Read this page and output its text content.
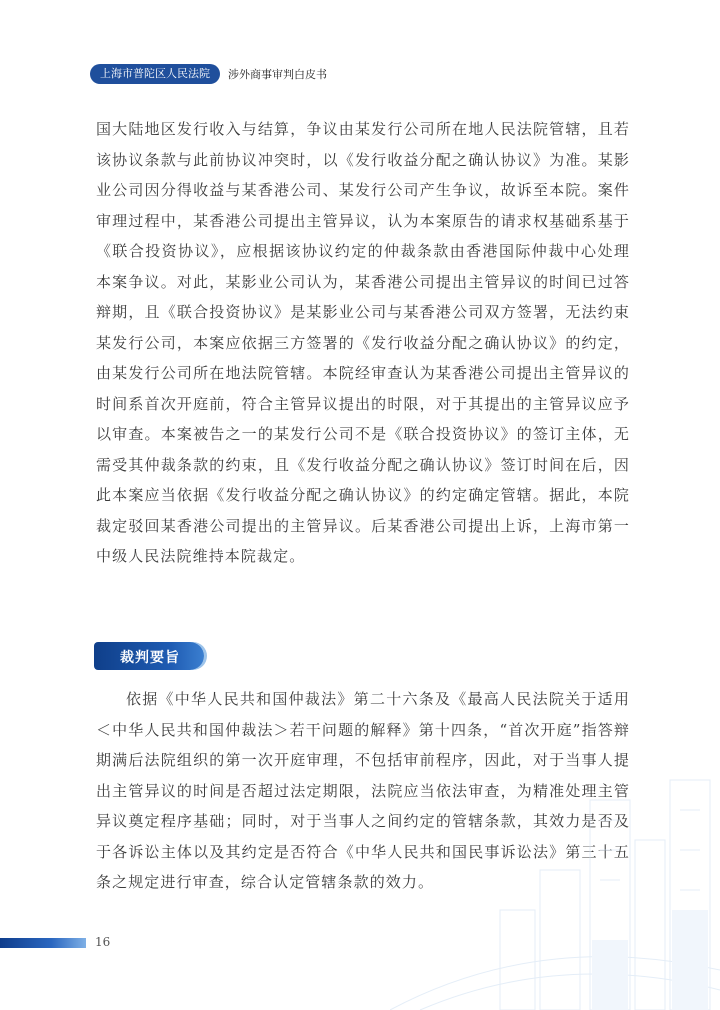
上海市普陀区人民法院	涉外商事审判白皮书
国大陆地区发行收入与结算，争议由某发行公司所在地人民法院管辖，且若该协议条款与此前协议冲突时，以《发行收益分配之确认协议》为准。某影业公司因分得收益与某香港公司、某发行公司产生争议，故诉至本院。案件审理过程中，某香港公司提出主管异议，认为本案原告的请求权基础系基于《联合投资协议》，应根据该协议约定的仲裁条款由香港国际仲裁中心处理本案争议。对此，某影业公司认为，某香港公司提出主管异议的时间已过答辩期，且《联合投资协议》是某影业公司与某香港公司双方签署，无法约束某发行公司，本案应依据三方签署的《发行收益分配之确认协议》的约定，由某发行公司所在地法院管辖。本院经审查认为某香港公司提出主管异议的时间系首次开庭前，符合主管异议提出的时限，对于其提出的主管异议应予以审查。本案被告之一的某发行公司不是《联合投资协议》的签订主体，无需受其仲裁条款的约束，且《发行收益分配之确认协议》签订时间在后，因此本案应当依据《发行收益分配之确认协议》的约定确定管辖。据此，本院裁定驳回某香港公司提出的主管异议。后某香港公司提出上诉，上海市第一中级人民法院维持本院裁定。
裁判要旨
依据《中华人民共和国仲裁法》第二十六条及《最高人民法院关于适用＜中华人民共和国仲裁法＞若干问题的解释》第十四条，“首次开庭”指答辩期满后法院组织的第一次开庭审理，不包括审前程序，因此，对于当事人提出主管异议的时间是否超过法定期限，法院应当依法审查，为精准处理主管异议奠定程序基础；同时，对于当事人之间约定的管辖条款，其效力是否及于各诉讼主体以及其约定是否符合《中华人民共和国民事诉讼法》第三十五条之规定进行审查，综合认定管辖条款的效力。
16
